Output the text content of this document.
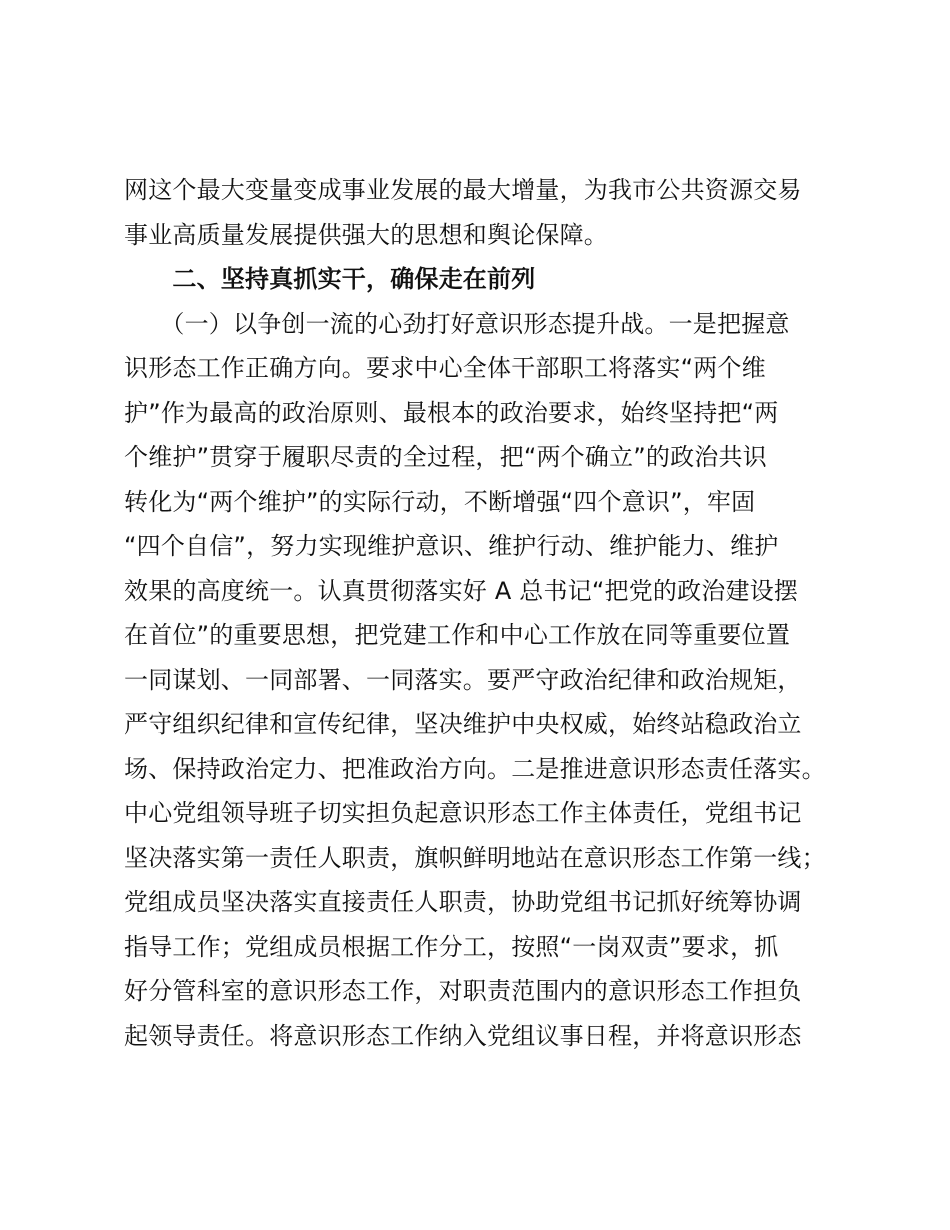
网这个最大变量变成事业发展的最大增量，为我市公共资源交易
事业高质量发展提供强大的思想和舆论保障。
　　二、坚持真抓实干，确保走在前列
　　（一）以争创一流的心劲打好意识形态提升战。一是把握意
识形态工作正确方向。要求中心全体干部职工将落实“两个维
护”作为最高的政治原则、最根本的政治要求，始终坚持把“两
个维护”贯穿于履职尽责的全过程，把“两个确立”的政治共识
转化为“两个维护”的实际行动，不断增强“四个意识”，牢固
“四个自信”，努力实现维护意识、维护行动、维护能力、维护
效果的高度统一。认真贯彻落实好 A 总书记“把党的政治建设摆
在首位”的重要思想，把党建工作和中心工作放在同等重要位置
一同谋划、一同部署、一同落实。要严守政治纪律和政治规矩，
严守组织纪律和宣传纪律，坚决维护中央权威，始终站稳政治立
场、保持政治定力、把准政治方向。二是推进意识形态责任落实。
中心党组领导班子切实担负起意识形态工作主体责任，党组书记
坚决落实第一责任人职责，旗帜鲜明地站在意识形态工作第一线；
党组成员坚决落实直接责任人职责，协助党组书记抓好统筹协调
指导工作；党组成员根据工作分工，按照“一岗双责”要求，抓
好分管科室的意识形态工作，对职责范围内的意识形态工作担负
起领导责任。将意识形态工作纳入党组议事日程，并将意识形态
